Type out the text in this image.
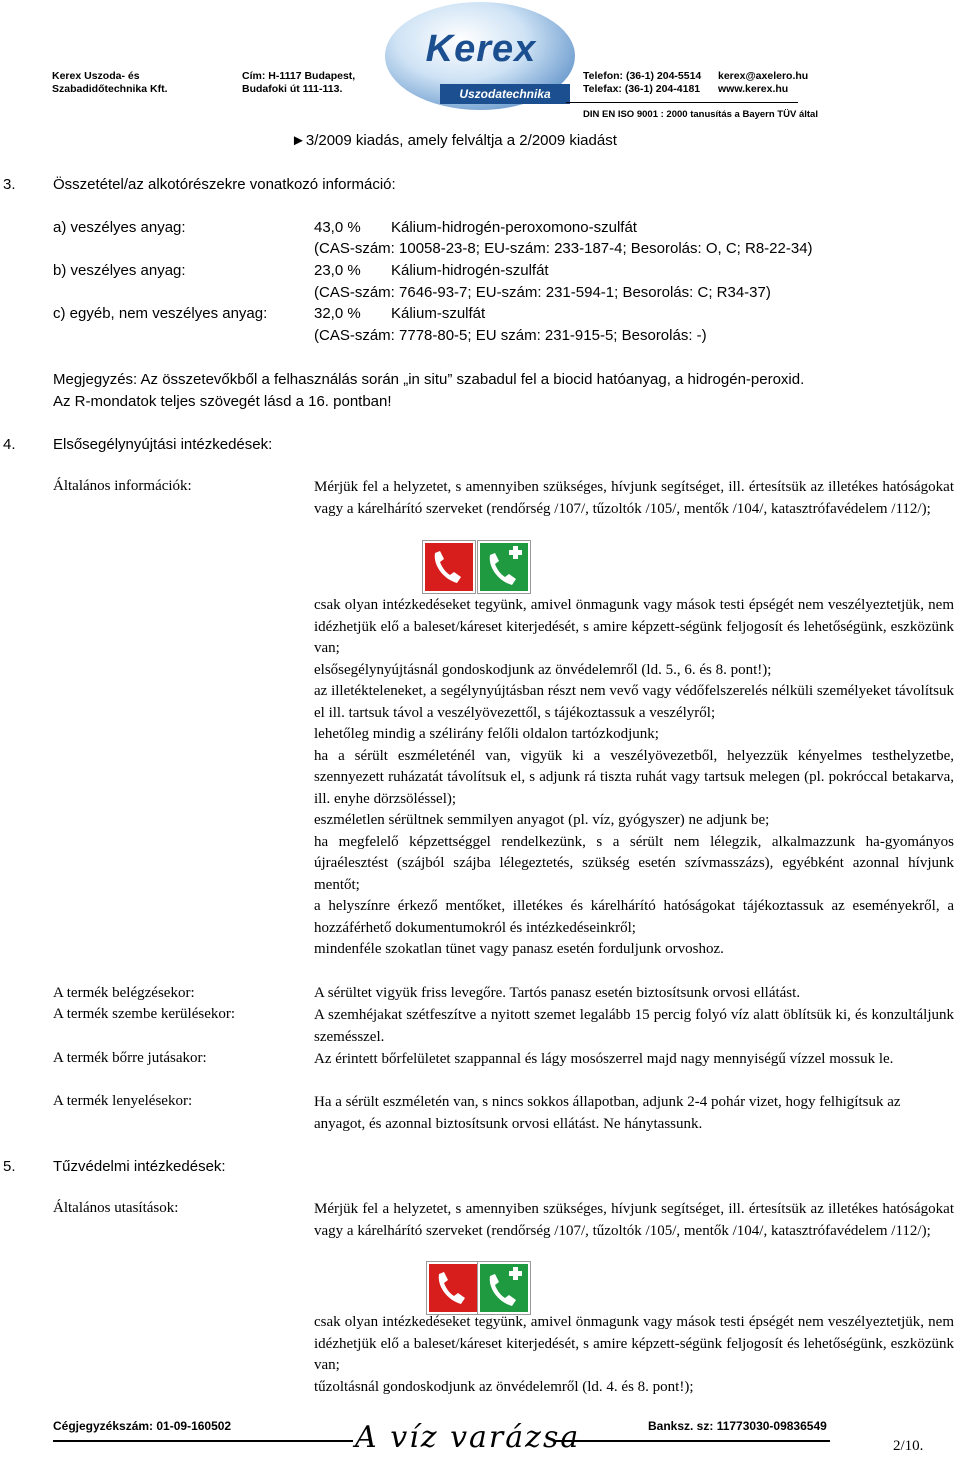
Kerex Uszoda- és
Szabadidőtechnika Kft.
Cím: H-1117 Budapest,
Budafoki út 111-113.
Kerex
Uszodatechnika
Telefon: (36-1) 204-5514
Telefax: (36-1) 204-4181
kerex@axelero.hu
www.kerex.hu
DIN EN ISO 9001 : 2000 tanusítás a Bayern TÜV által
►3/2009 kiadás, amely felváltja a 2/2009 kiadást
3. Összetétel/az alkotórészekre vonatkozó információ:
a) veszélyes anyag:	43,0 % Kálium-hidrogén-peroxomono-szulfát
(CAS-szám: 10058-23-8; EU-szám: 233-187-4; Besorolás: O, C; R8-22-34)
b) veszélyes anyag:	23,0 % Kálium-hidrogén-szulfát
(CAS-szám: 7646-93-7; EU-szám: 231-594-1; Besorolás: C; R34-37)
c) egyéb, nem veszélyes anyag:	32,0 % Kálium-szulfát
(CAS-szám: 7778-80-5; EU szám: 231-915-5; Besorolás: -)
Megjegyzés: Az összetevőkből a felhasználás során „in situ” szabadul fel a biocid hatóanyag, a hidrogén-peroxid.
Az R-mondatok teljes szövegét lásd a 16. pontban!
4. Elsősegélynyújtási intézkedések:
Általános információk:	Mérjük fel a helyzetet, s amennyiben szükséges, hívjunk segítséget, ill. értesítsük az illetékes hatóságokat vagy a kárelhárító szerveket (rendőrség /107/, tűzoltók /105/, mentők /104/, katasztrófavédelem /112/);
csak olyan intézkedéseket tegyünk, amivel önmagunk vagy mások testi épségét nem veszélyeztetjük, nem idézhetjük elő a baleset/káreset kiterjedését, s amire képzett-ségünk feljogosít és lehetőségünk, eszközünk van;
elsősegélynyújtásnál gondoskodjunk az önvédelemről (ld. 5., 6. és 8. pont!);
az illetékteleneket, a segélynyújtásban részt nem vevő vagy védőfelszerelés nélküli személyeket távolítsuk el ill. tartsuk távol a veszélyövezettől, s tájékoztassuk a veszélyről;
lehetőleg mindig a szélirány felőli oldalon tartózkodjunk;
ha a sérült eszméleténél van, vigyük ki a veszélyövezetből, helyezzük kényelmes testhelyzetbe, szennyezett ruházatát távolítsuk el, s adjunk rá tiszta ruhát vagy tartsuk melegen (pl. pokróccal betakarva, ill. enyhe dörzsöléssel);
eszméletlen sérültnek semmilyen anyagot (pl. víz, gyógyszer) ne adjunk be;
ha megfelelő képzettséggel rendelkezünk, s a sérült nem lélegzik, alkalmazzunk ha-gyományos újraélesztést (szájból szájba lélegeztetés, szükség esetén szívmasszázs), egyébként azonnal hívjunk mentőt;
a helyszínre érkező mentőket, illetékes és kárelhárító hatóságokat tájékoztassuk az eseményekről, a hozzáférhető dokumentumokról és intézkedéseinkről;
mindenféle szokatlan tünet vagy panasz esetén forduljunk orvoshoz.
A termék belégzésekor:	A sérültet vigyük friss levegőre. Tartós panasz esetén biztosítsunk orvosi ellátást.
A termék szembe kerülésekor:	A szemhéjakat szétfeszítve a nyitott szemet legalább 15 percig folyó víz alatt öblítsük ki, és konzultáljunk szemésszel.
A termék bőrre jutásakor:	Az érintett bőrfelületet szappannal és lágy mosószerrel majd nagy mennyiségű vízzel mossuk le.
A termék lenyelésekor:	Ha a sérült eszméletén van, s nincs sokkos állapotban, adjunk 2-4 pohár vizet, hogy felhigítsuk az anyagot, és azonnal biztosítsunk orvosi ellátást. Ne hánytassunk.
5. Tűzvédelmi intézkedések:
Általános utasítások:	Mérjük fel a helyzetet, s amennyiben szükséges, hívjunk segítséget, ill. értesítsük az illetékes hatóságokat vagy a kárelhárító szerveket (rendőrség /107/, tűzoltók /105/, mentők /104/, katasztrófavédelem /112/);
csak olyan intézkedéseket tegyünk, amivel önmagunk vagy mások testi épségét nem veszélyeztetjük, nem idézhetjük elő a baleset/káreset kiterjedését, s amire képzett-ségünk feljogosít és lehetőségünk, eszközünk van;
tűzoltásnál gondoskodjunk az önvédelemről (ld. 4. és 8. pont!);
Cégjegyzékszám: 01-09-160502	A víz varázsa	Banksz. sz: 11773030-09836549
2/10.
